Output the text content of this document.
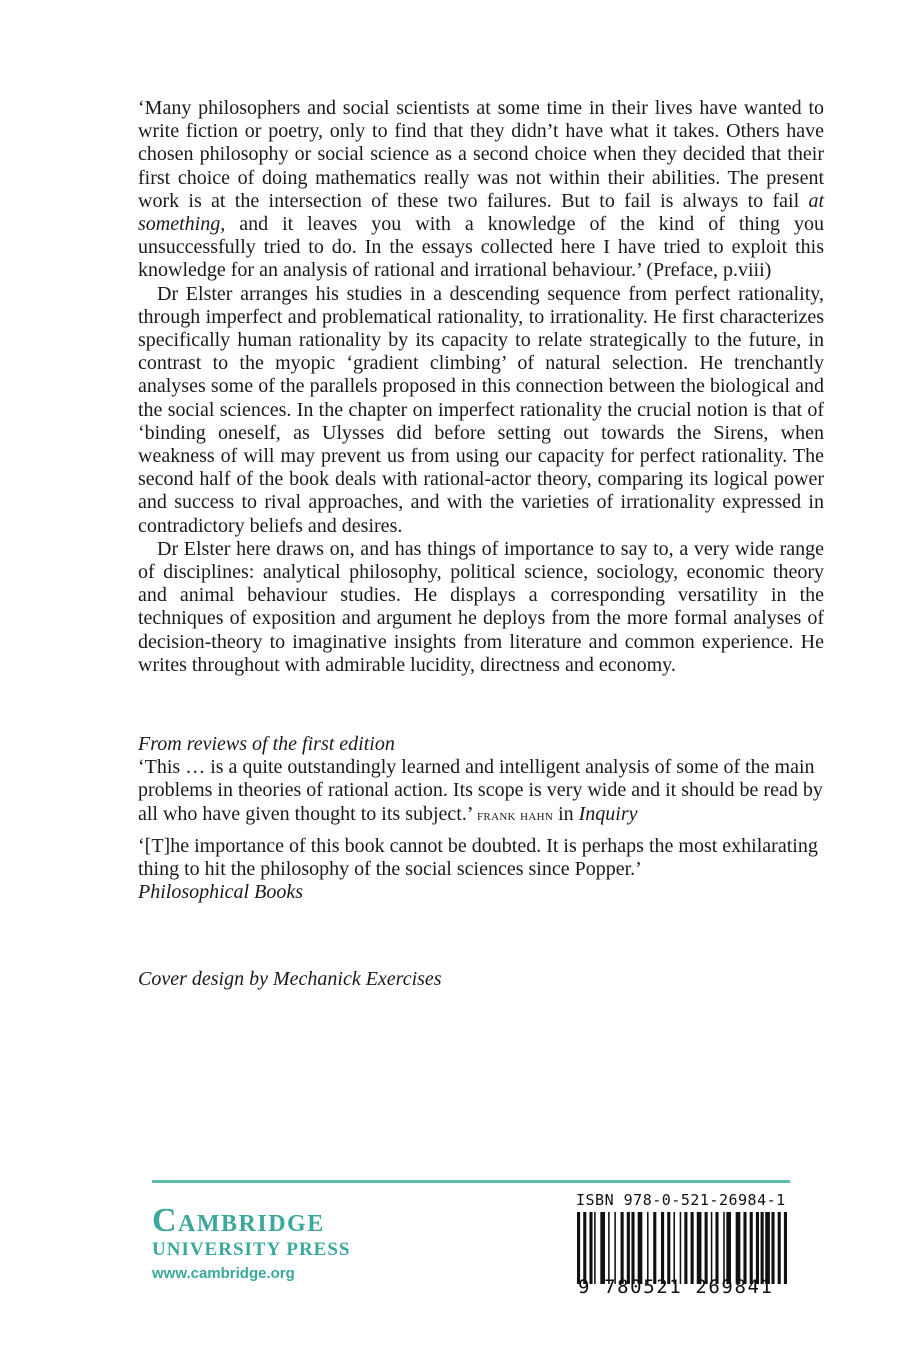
‘Many philosophers and social scientists at some time in their lives have wanted to write fiction or poetry, only to find that they didn’t have what it takes. Others have chosen philosophy or social science as a second choice when they decided that their first choice of doing mathematics really was not within their abilities. The present work is at the intersection of these two failures. But to fail is always to fail at something, and it leaves you with a knowledge of the kind of thing you unsuccessfully tried to do. In the essays collected here I have tried to exploit this knowledge for an analysis of rational and irrational behaviour.’ (Preface, p.viii)

Dr Elster arranges his studies in a descending sequence from perfect rationality, through imperfect and problematical rationality, to irrationality. He first characterizes specifically human rationality by its capacity to relate strategically to the future, in contrast to the myopic ‘gradient climbing’ of natural selection. He trenchantly analyses some of the parallels proposed in this connection between the biological and the social sciences. In the chapter on imperfect rationality the crucial notion is that of ‘binding oneself, as Ulysses did before setting out towards the Sirens, when weakness of will may prevent us from using our capacity for perfect rationality. The second half of the book deals with rational-actor theory, comparing its logical power and success to rival approaches, and with the varieties of irrationality expressed in contradictory beliefs and desires.

Dr Elster here draws on, and has things of importance to say to, a very wide range of disciplines: analytical philosophy, political science, sociology, economic theory and animal behaviour studies. He displays a corresponding versatility in the techniques of exposition and argument he deploys from the more formal analyses of decision-theory to imaginative insights from literature and common experience. He writes throughout with admirable lucidity, directness and economy.

From reviews of the first edition

‘This … is a quite outstandingly learned and intelligent analysis of some of the main problems in theories of rational action. Its scope is very wide and it should be read by all who have given thought to its subject.’ frank hahn in Inquiry

‘[T]he importance of this book cannot be doubted. It is perhaps the most exhilarating thing to hit the philosophy of the social sciences since Popper.’
Philosophical Books

Cover design by Mechanick Exercises
Cambridge
UNIVERSITY PRESS
www.cambridge.org
ISBN 978-0-521-26984-1
9 780521 269841
